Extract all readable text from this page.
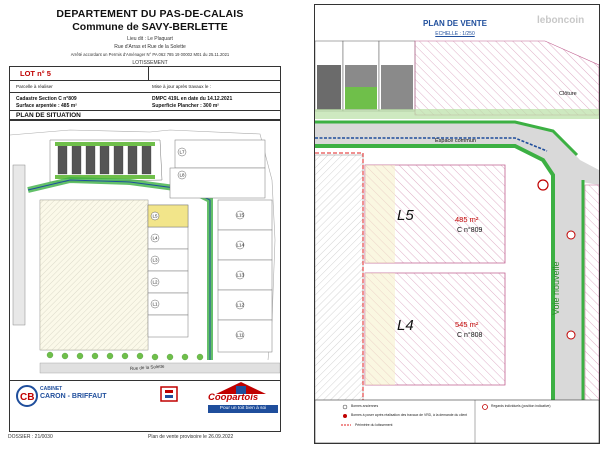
DEPARTEMENT DU PAS-DE-CALAIS
Commune de SAVY-BERLETTE
Lieu dit : Le Plaquart
Rue d'Arras et Rue de la Solette
Arrêté accordant un Permis d'Aménager N° PA 062 785 19 00002 M01 du 25.11.2021
LOTISSEMENT
LOT n° 5
Parcelle à réaliser	Mise à jour après travaux le :
Cadastre Section C n°809
Surface arpentée : 485 m²
DMPC 419L en date du 14.12.2021
Superficie Plancher : 300 m²
PLAN DE SITUATION
L7
L8
L5
L4
L3
L2
L1
L15
L14
L13
L12
L11
Rue de la Solette
CB
CABINET
CARON - BRIFFAUT	Coopartois
Pour un toit bien à soi
DOSSIER : 21/0030	Plan de vente provisoire le 26.09.2022
PLAN DE VENTE
ECHELLE : 1/250
leboncoin
Espace commun
Clôture
L5	485 m²
C n°809
L4	545 m²
C n°808
Voie nouvelle
Bornes anciennes
Bornes à poser après réalisation des travaux de VRD, à la demande du client
Périmètre du lotissement
Regards individuels (position indicative)
